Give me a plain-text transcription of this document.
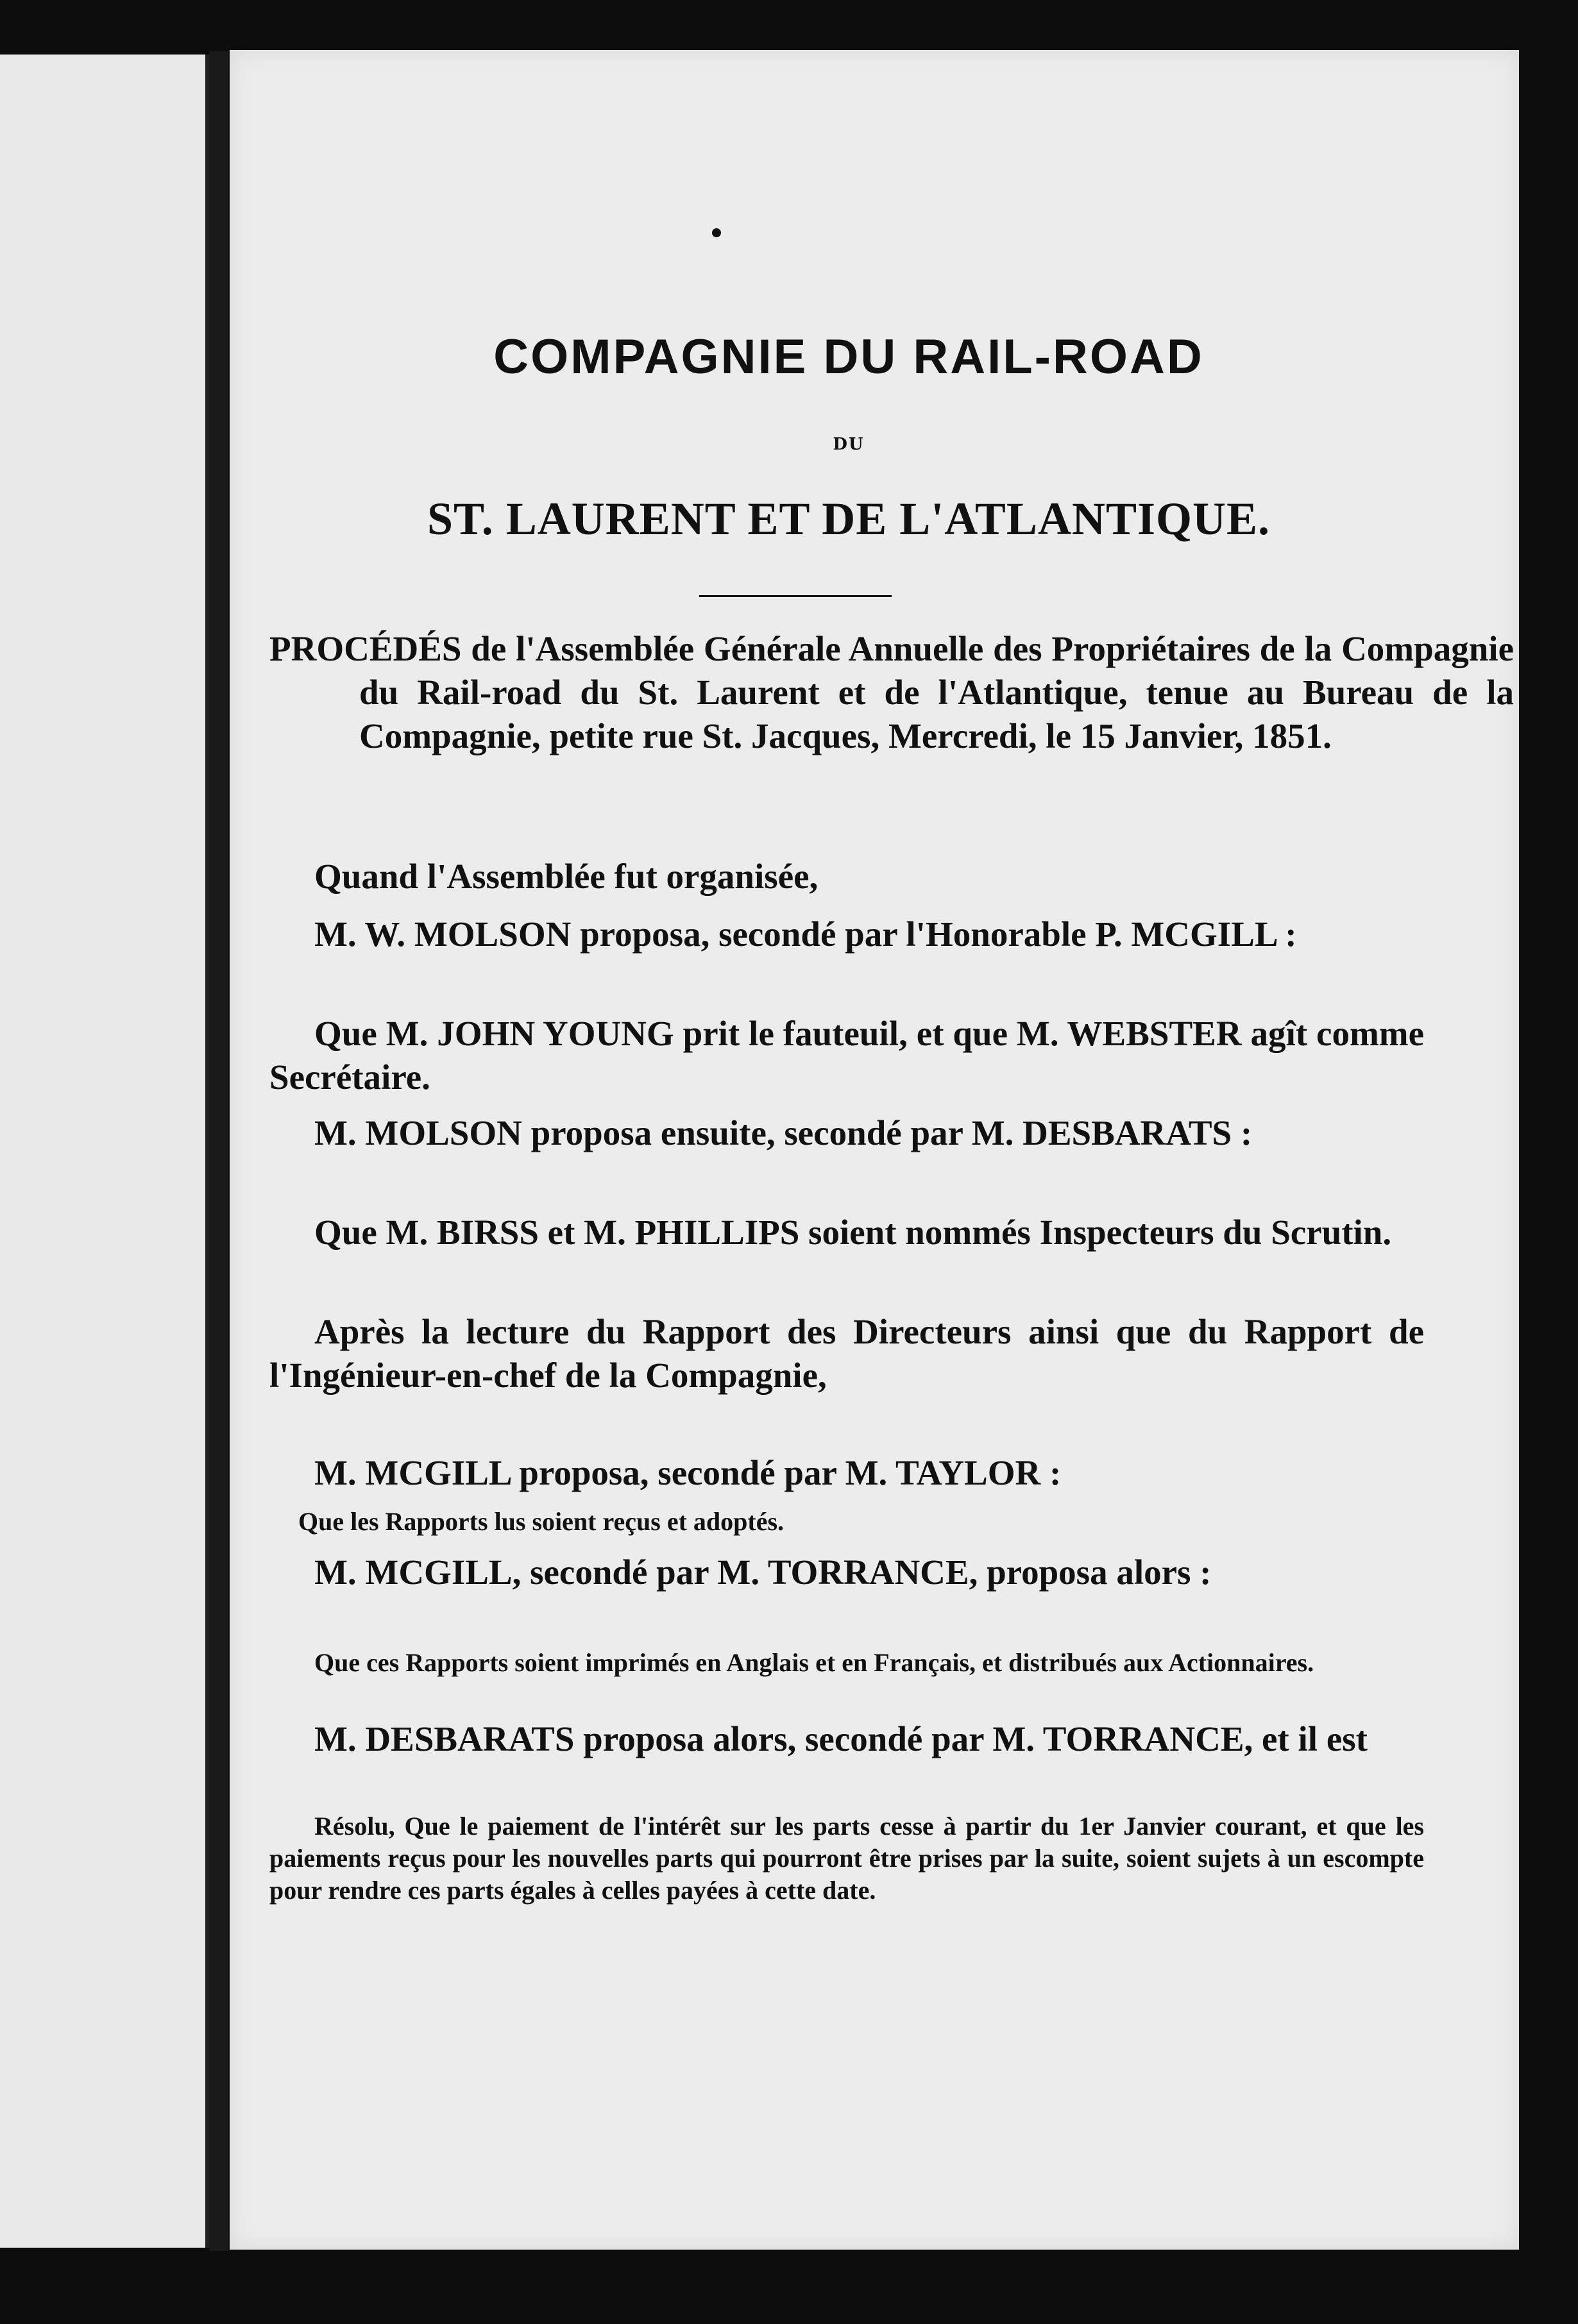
COMPAGNIE DU RAIL-ROAD
DU
ST. LAURENT ET DE L'ATLANTIQUE.
PROCÉDÉS de l'Assemblée Générale Annuelle des Propriétaires de la Compagnie du Rail-road du St. Laurent et de l'Atlantique, tenue au Bureau de la Compagnie, petite rue St. Jacques, Mercredi, le 15 Janvier, 1851.
Quand l'Assemblée fut organisée,
M. W. MOLSON proposa, secondé par l'Honorable P. MCGILL :
Que M. JOHN YOUNG prit le fauteuil, et que M. WEBSTER agît comme Secrétaire.
M. MOLSON proposa ensuite, secondé par M. DESBARATS :
Que M. BIRSS et M. PHILLIPS soient nommés Inspecteurs du Scrutin.
Après la lecture du Rapport des Directeurs ainsi que du Rapport de l'Ingénieur-en-chef de la Compagnie,
M. MCGILL proposa, secondé par M. TAYLOR :
Que les Rapports lus soient reçus et adoptés.
M. MCGILL, secondé par M. TORRANCE, proposa alors :
Que ces Rapports soient imprimés en Anglais et en Français, et distribués aux Actionnaires.
M. DESBARATS proposa alors, secondé par M. TORRANCE, et il est
Résolu, Que le paiement de l'intérêt sur les parts cesse à partir du 1er Janvier courant, et que les paiements reçus pour les nouvelles parts qui pourront être prises par la suite, soient sujets à un escompte pour rendre ces parts égales à celles payées à cette date.
